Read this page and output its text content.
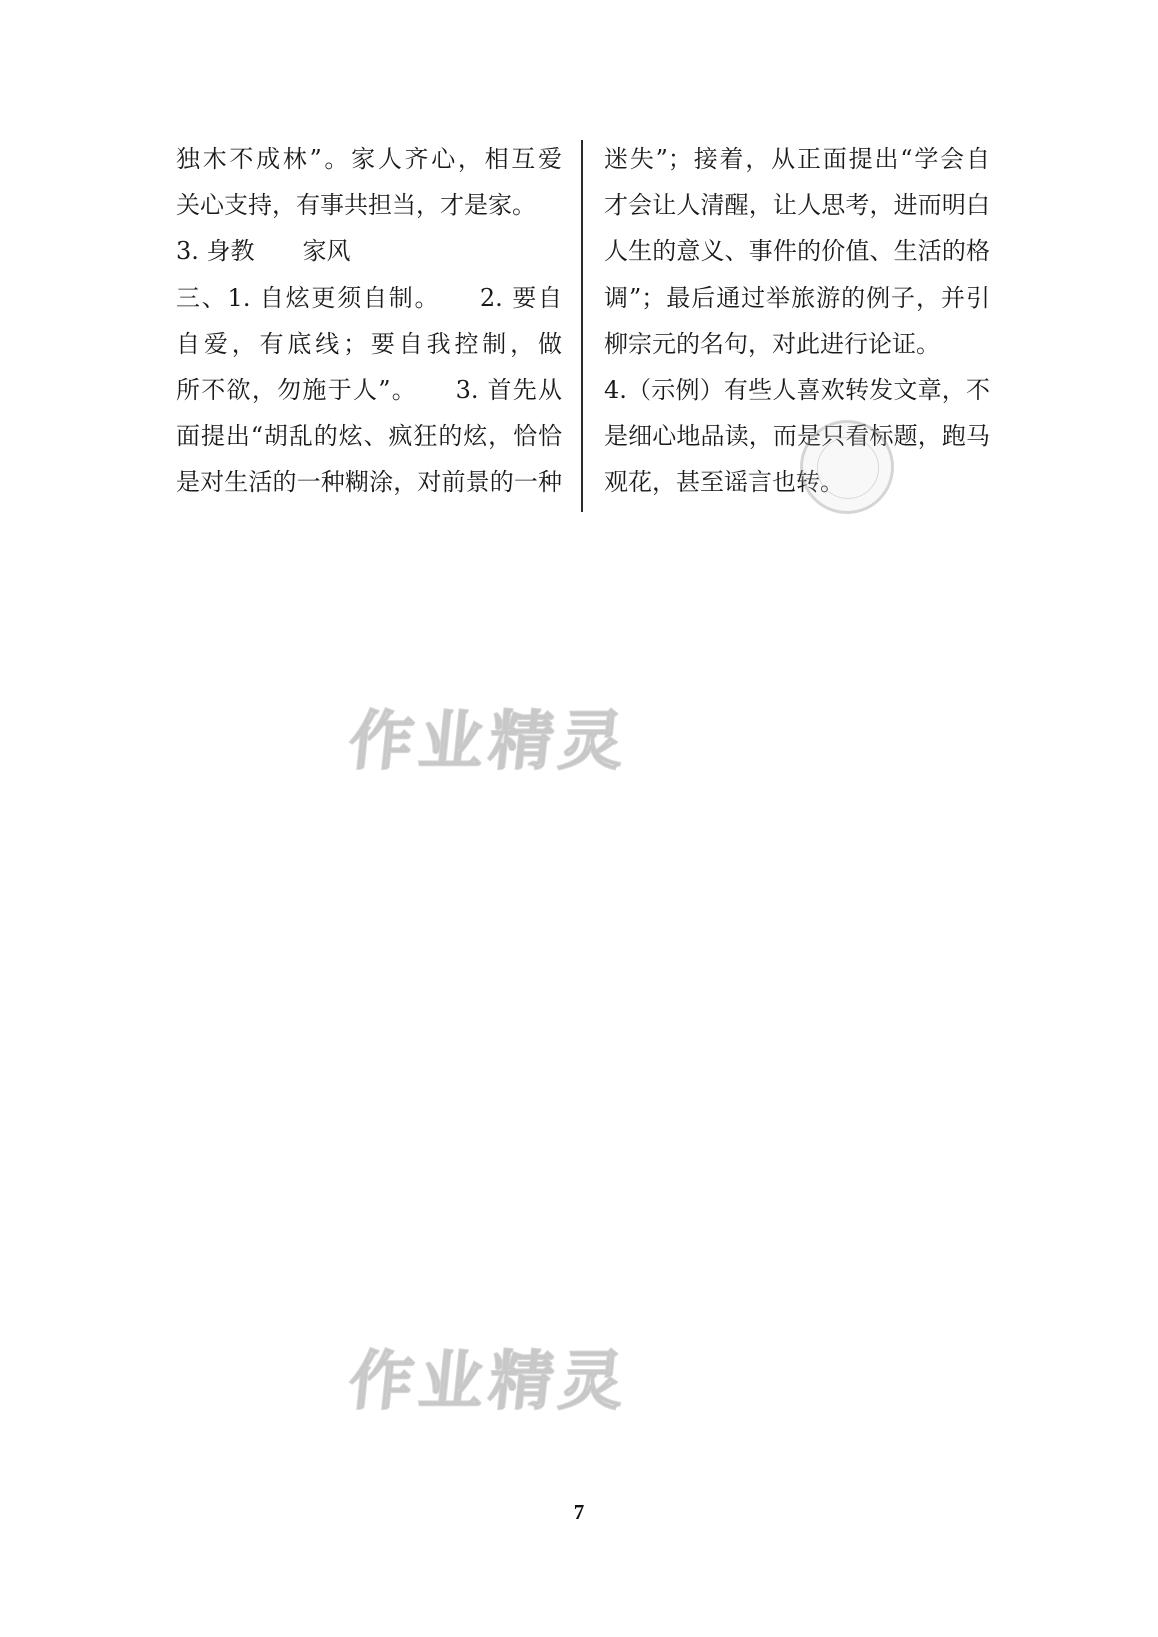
独木不成林”。家人齐心，相互爱
关心支持，有事共担当，才是家。
3. 身教　　家风
三、1. 自炫更须自制。　　2. 要自
自爱，有底线；要自我控制，做
所不欲，勿施于人”。　　3. 首先从
面提出“胡乱的炫、疯狂的炫，恰恰
是对生活的一种糊涂，对前景的一种
迷失”；接着，从正面提出“学会自
才会让人清醒，让人思考，进而明白
人生的意义、事件的价值、生活的格
调”；最后通过举旅游的例子，并引
柳宗元的名句，对此进行论证。
4.（示例）有些人喜欢转发文章，不
是细心地品读，而是只看标题，跑马
观花，甚至谣言也转。
作业精灵
作业精灵
7
